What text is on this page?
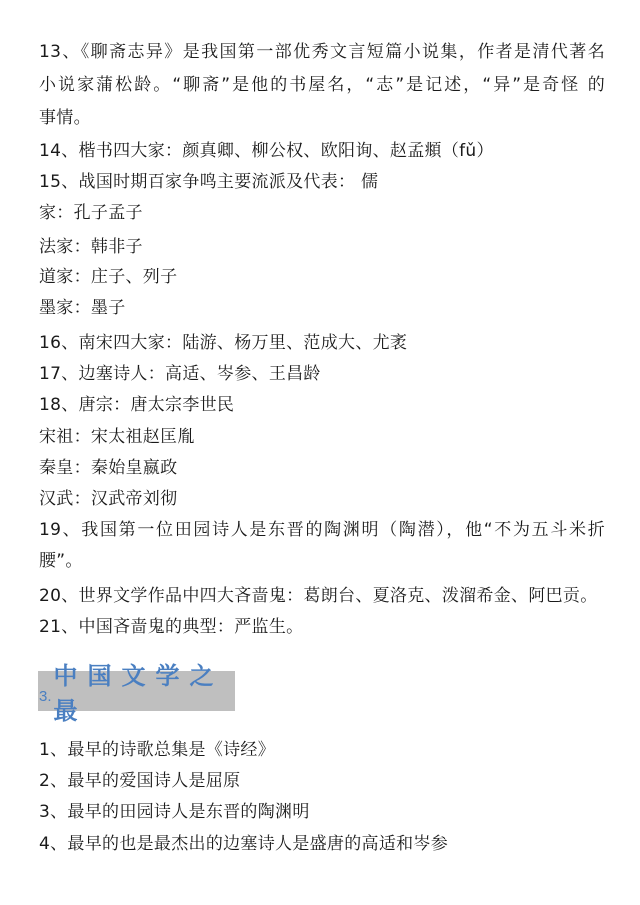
13、《聊斋志异》是我国第一部优秀文言短篇小说集，作者是清代著名
小说家蒲松龄。“聊斋”是他的书屋名，“志”是记述，“异”是奇怪 的
事情。
14、楷书四大家：颜真卿、柳公权、欧阳询、赵孟頫（fǔ）
15、战国时期百家争鸣主要流派及代表： 儒
家：孔子孟子
法家：韩非子
道家：庄子、列子
墨家：墨子
16、南宋四大家：陆游、杨万里、范成大、尤袤
17、边塞诗人：高适、岑参、王昌龄
18、唐宗：唐太宗李世民
宋祖：宋太祖赵匡胤
秦皇：秦始皇嬴政
汉武：汉武帝刘彻
19、我国第一位田园诗人是东晋的陶渊明（陶潜），他“不为五斗米折
腰”。
20、世界文学作品中四大吝啬鬼：葛朗台、夏洛克、泼溜希金、阿巴贡。
21、中国吝啬鬼的典型：严监生。
3.
中国文学之最
1、最早的诗歌总集是《诗经》
2、最早的爱国诗人是屈原
3、最早的田园诗人是东晋的陶渊明
4、最早的也是最杰出的边塞诗人是盛唐的高适和岑参
